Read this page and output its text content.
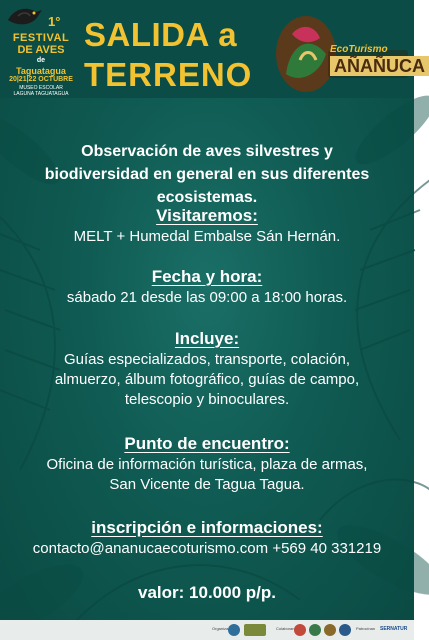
1°
FESTIVAL
DE AVES
de
Taguatagua
20|21|22 OCTUBRE
MUSEO ESCOLAR
LAGUNA TAGUATAGUA
SALIDA a
TERRENO
EcoTurismo
AÑAÑUCA
Observación de aves silvestres y biodiversidad en general en sus diferentes ecosistemas.
Visitaremos:
MELT + Humedal Embalse Sán Hernán.
Fecha y hora:
sábado 21 desde las 09:00 a 18:00 horas.
Incluye:
Guías especializados, transporte, colación,
almuerzo, álbum fotográfico, guías de campo,
telescopio y binoculares.
Punto de encuentro:
Oficina de información turística, plaza de armas,
San Vicente de Tagua Tagua.
inscripción e informaciones:
contacto@ananucaecoturismo.com +569 40 331219
valor: 10.000 p/p.
Organiza	Colaboran	Patrocinan SERNATUR
